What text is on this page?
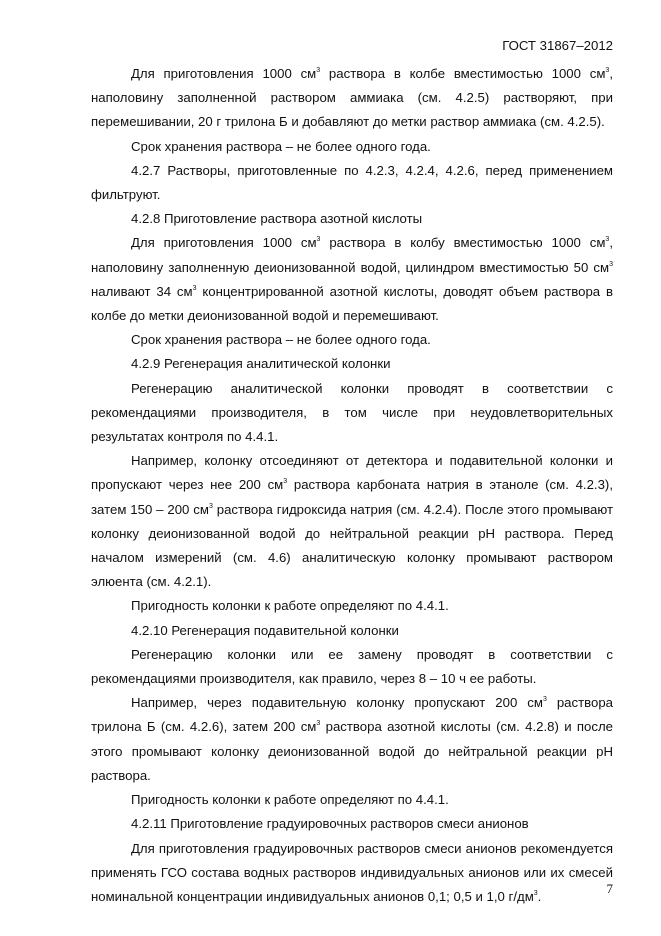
ГОСТ 31867–2012

Для приготовления 1000 $см^3$ раствора в колбе вместимостью 1000 $см^3$, наполовину заполненной раствором аммиака (см. 4.2.5) растворяют, при перемешивании, 20 г трилона Б и добавляют до метки раствор аммиака (см. 4.2.5).

Срок хранения раствора – не более одного года.

4.2.7 Растворы, приготовленные по 4.2.3, 4.2.4, 4.2.6, перед применением фильтруют.

4.2.8 Приготовление раствора азотной кислоты

Для приготовления 1000 $см^3$ раствора в колбу вместимостью 1000 $см^3$, наполовину заполненную деионизованной водой, цилиндром вместимостью 50 $см^3$ наливают 34 $см^3$ концентрированной азотной кислоты, доводят объем раствора в колбе до метки деионизованной водой и перемешивают.

Срок хранения раствора – не более одного года.

4.2.9 Регенерация аналитической колонки

Регенерацию аналитической колонки проводят в соответствии с рекомендациями производителя, в том числе при неудовлетворительных результатах контроля по 4.4.1.

Например, колонку отсоединяют от детектора и подавительной колонки и пропускают через нее 200 $см^3$ раствора карбоната натрия в этаноле (см. 4.2.3), затем 150 – 200 $см^3$ раствора гидроксида натрия (см. 4.2.4). После этого промывают колонку деионизованной водой до нейтральной реакции pH раствора. Перед началом измерений (см. 4.6) аналитическую колонку промывают раствором элюента (см. 4.2.1).

Пригодность колонки к работе определяют по 4.4.1.

4.2.10 Регенерация подавительной колонки

Регенерацию колонки или ее замену проводят в соответствии с рекомендациями производителя, как правило, через 8 – 10 ч ее работы.

Например, через подавительную колонку пропускают 200 $см^3$ раствора трилона Б (см. 4.2.6), затем 200 $см^3$ раствора азотной кислоты (см. 4.2.8) и после этого промывают колонку деионизованной водой до нейтральной реакции pH раствора.

Пригодность колонки к работе определяют по 4.4.1.

4.2.11 Приготовление градуировочных растворов смеси анионов

Для приготовления градуировочных растворов смеси анионов рекомендуется применять ГСО состава водных растворов индивидуальных анионов или их смесей номинальной концентрации индивидуальных анионов 0,1; 0,5 и 1,0 $г/дм^3$.

7
